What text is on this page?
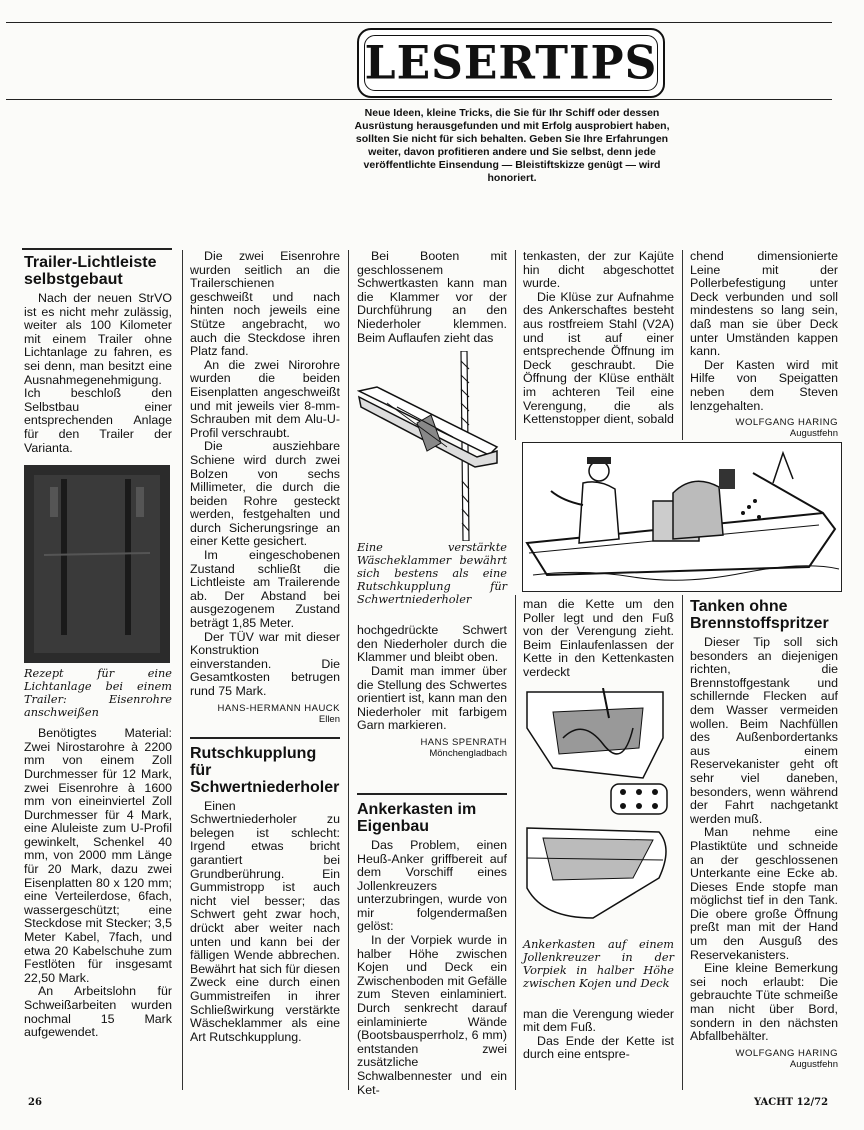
LESERTIPS
Neue Ideen, kleine Tricks, die Sie für Ihr Schiff oder dessen Ausrüstung herausgefunden und mit Erfolg ausprobiert haben, sollten Sie nicht für sich behalten. Geben Sie Ihre Erfahrungen weiter, davon profitieren andere und Sie selbst, denn jede veröffentlichte Einsendung — Bleistiftskizze genügt — wird honoriert.
Trailer-Lichtleiste selbstgebaut

Nach der neuen StrVO ist es nicht mehr zulässig, weiter als 100 Kilometer mit einem Trailer ohne Lichtanlage zu fahren, es sei denn, man besitzt eine Ausnahmegenehmigung. Ich beschloß den Selbstbau einer entsprechenden Anlage für den Trailer der Varianta.

Rezept für eine Lichtanlage bei einem Trailer: Eisenrohre anschweißen

Benötigtes Material: Zwei Nirostarohre à 2200 mm von einem Zoll Durchmesser für 12 Mark, zwei Eisenrohre à 1600 mm von eineinviertel Zoll Durchmesser für 4 Mark, eine Aluleiste zum U-Profil gewinkelt, Schenkel 40 mm, von 2000 mm Länge für 20 Mark, dazu zwei Eisenplatten 80 x 120 mm; eine Verteilerdose, 6fach, wassergeschützt; eine Steckdose mit Stecker; 3,5 Meter Kabel, 7fach, und etwa 20 Kabelschuhe zum Festlöten für insgesamt 22,50 Mark.

An Arbeitslohn für Schweißarbeiten wurden nochmal 15 Mark aufgewendet.

Die zwei Eisenrohre wurden seitlich an die Trailerschienen geschweißt und nach hinten noch jeweils eine Stütze angebracht, wo auch die Steckdose ihren Platz fand.

An die zwei Nirorohre wurden die beiden Eisenplatten angeschweißt und mit jeweils vier 8-mm-Schrauben mit dem Alu-U-Profil verschraubt.

Die ausziehbare Schiene wird durch zwei Bolzen von sechs Millimeter, die durch die beiden Rohre gesteckt werden, festgehalten und durch Sicherungsringe an einer Kette gesichert.

Im eingeschobenen Zustand schließt die Lichtleiste am Trailerende ab. Der Abstand bei ausgezogenem Zustand beträgt 1,85 Meter.

Der TÜV war mit dieser Konstruktion einverstanden. Die Gesamtkosten betrugen rund 75 Mark.

HANS-HERMANN HAUCK
Ellen
Rutschkupplung für Schwertniederholer

Einen Schwertniederholer zu belegen ist schlecht: Irgend etwas bricht garantiert bei Grundberührung. Ein Gummistropp ist auch nicht viel besser; das Schwert geht zwar hoch, drückt aber weiter nach unten und kann bei der fälligen Wende abbrechen. Bewährt hat sich für diesen Zweck eine durch einen Gummistreifen in ihrer Schließwirkung verstärkte Wäscheklammer als eine Art Rutschkupplung.

Bei Booten mit geschlossenem Schwertkasten kann man die Klammer vor der Durchführung an den Niederholer klemmen. Beim Auflaufen zieht das

Eine verstärkte Wäscheklammer bewährt sich bestens als eine Rutschkupplung für Schwertniederholer

hochgedrückte Schwert den Niederholer durch die Klammer und bleibt oben.

Damit man immer über die Stellung des Schwertes orientiert ist, kann man den Niederholer mit farbigem Garn markieren.

HANS SPENRATH
Mönchengladbach
Ankerkasten im Eigenbau

Das Problem, einen Heuß-Anker griffbereit auf dem Vorschiff eines Jollenkreuzers unterzubringen, wurde von mir folgendermaßen gelöst:

In der Vorpiek wurde in halber Höhe zwischen Kojen und Deck ein Zwischenboden mit Gefälle zum Steven einlaminiert. Durch senkrecht darauf einlaminierte Wände (Bootsbausperrholz, 6 mm) entstanden zwei zusätzliche Schwalbennester und ein Ket-

tenkasten, der zur Kajüte hin dicht abgeschottet wurde.

Die Klüse zur Aufnahme des Ankerschaftes besteht aus rostfreiem Stahl (V2A) und ist auf einer entsprechende Öffnung im Deck geschraubt. Die Öffnung der Klüse enthält im achteren Teil eine Verengung, die als Kettenstopper dient, sobald

chend dimensionierte Leine mit der Pollerbefestigung unter Deck verbunden und soll mindestens so lang sein, daß man sie über Deck unter Umständen kappen kann.

Der Kasten wird mit Hilfe von Speigatten neben dem Steven lenzgehalten.

WOLFGANG HARING
Augustfehn

man die Kette um den Poller legt und den Fuß von der Verengung zieht. Beim Einlaufenlassen der Kette in den Kettenkasten verdeckt

Ankerkasten auf einem Jollenkreuzer in der Vorpiek in halber Höhe zwischen Kojen und Deck

man die Verengung wieder mit dem Fuß.

Das Ende der Kette ist durch eine entspre-

Tanken ohne Brennstoffspritzer

Dieser Tip soll sich besonders an diejenigen richten, die Brennstoffgestank und schillernde Flecken auf dem Wasser vermeiden wollen. Beim Nachfüllen des Außenbordertanks aus einem Reservekanister geht oft sehr viel daneben, besonders, wenn während der Fahrt nachgetankt werden muß.

Man nehme eine Plastiktüte und schneide an der geschlossenen Unterkante eine Ecke ab. Dieses Ende stopfe man möglichst tief in den Tank. Die obere große Öffnung preßt man mit der Hand um den Ausguß des Reservekanisters.

Eine kleine Bemerkung sei noch erlaubt: Die gebrauchte Tüte schmeiße man nicht über Bord, sondern in den nächsten Abfallbehälter.

WOLFGANG HARING
Augustfehn
26	YACHT 12/72
